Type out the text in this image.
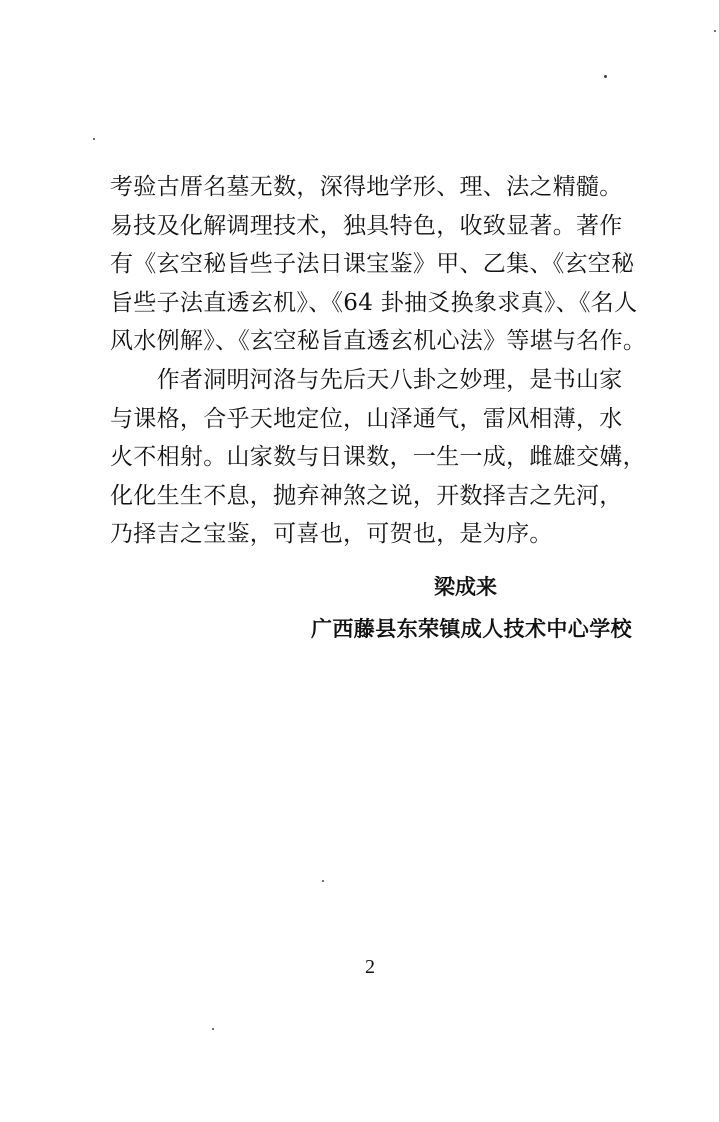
考验古厝名墓无数，深得地学形、理、法之精髓。
易技及化解调理技术，独具特色，收致显著。著作
有《玄空秘旨些子法日课宝鉴》甲、乙集、《玄空秘
旨些子法直透玄机》、《64 卦抽爻换象求真》、《名人
风水例解》、《玄空秘旨直透玄机心法》等堪与名作。
　　作者洞明河洛与先后天八卦之妙理，是书山家
与课格，合乎天地定位，山泽通气，雷风相薄，水
火不相射。山家数与日课数，一生一成，雌雄交媾，
化化生生不息，抛弃神煞之说，开数择吉之先河，
乃择吉之宝鉴，可喜也，可贺也，是为序。
梁成来
广西藤县东荣镇成人技术中心学校
2
